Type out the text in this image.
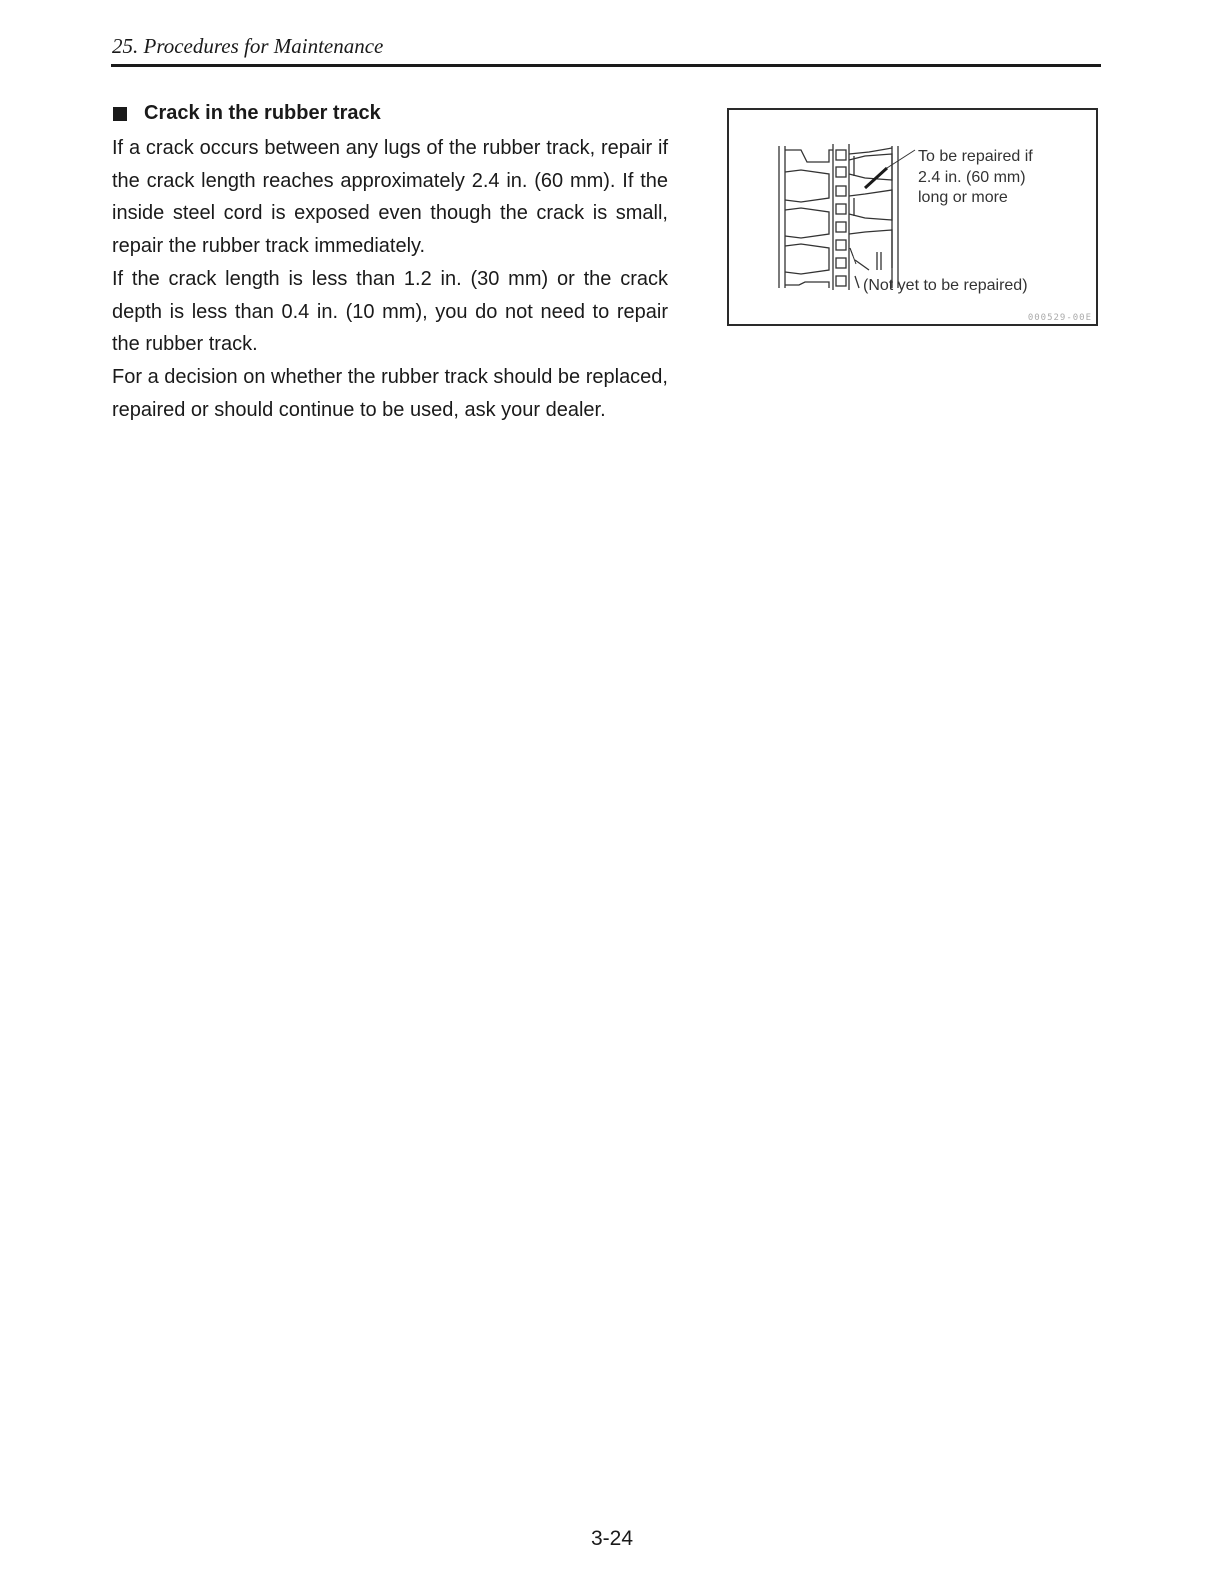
25. Procedures for Maintenance
Crack in the rubber track

If a crack occurs between any lugs of the rubber track, repair if the crack length reaches approximately 2.4 in. (60 mm). If the inside steel cord is exposed even though the crack is small, repair the rubber track immediately.

If the crack length is less than 1.2 in. (30 mm) or the crack depth is less than 0.4 in. (10 mm), you do not need to repair the rubber track.

For a decision on whether the rubber track should be replaced, repaired or should continue to be used, ask your dealer.

To be repaired if
2.4 in. (60 mm)
long or more
(Not yet to be repaired)
000529-00E
3-24
